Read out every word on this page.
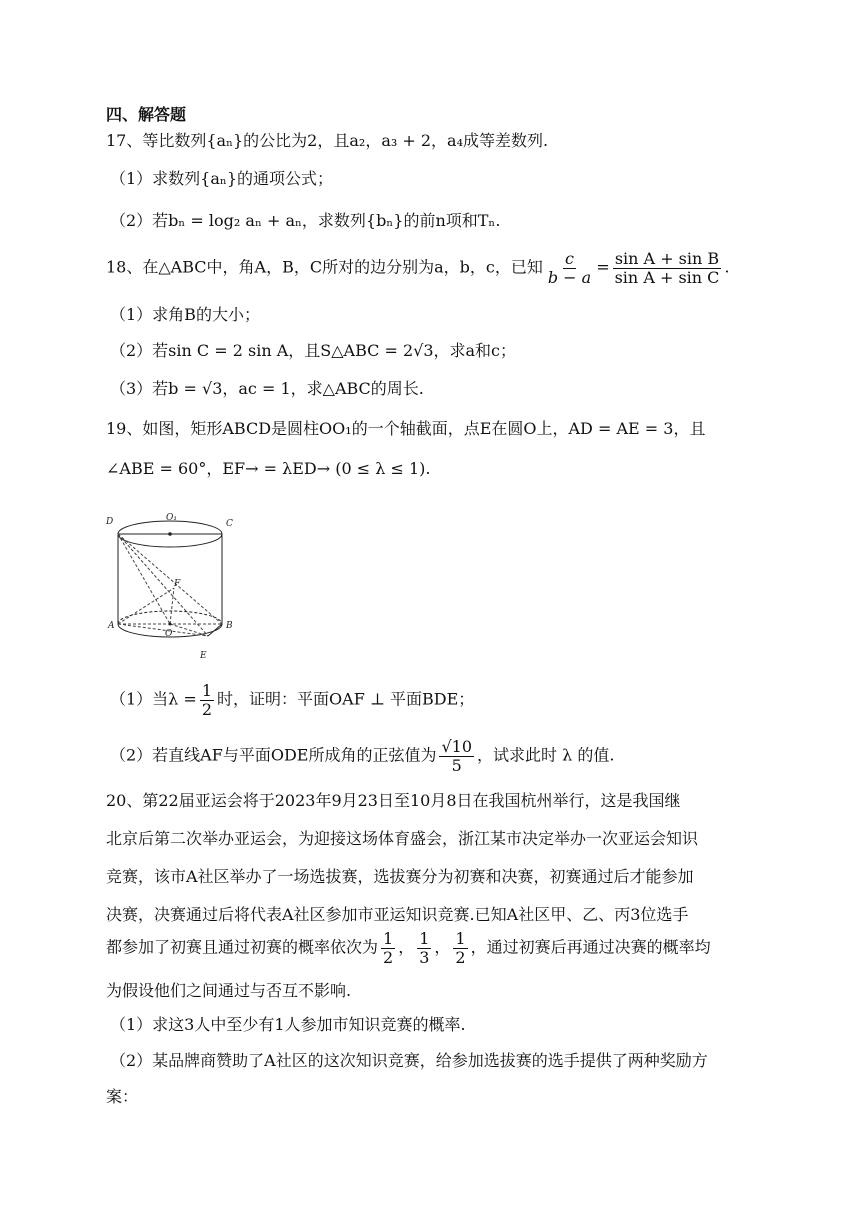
四、解答题
17、等比数列{aₙ}的公比为2，且a₂，a₃ + 2，a₄成等差数列.
（1）求数列{aₙ}的通项公式；
（2）若bₙ = log₂ aₙ + aₙ，求数列{bₙ}的前n项和Tₙ.
18、在△ABC中，角A，B，C所对的边分别为a，b，c，已知 $\frac{c}{b - a} = \frac{\text{sin A + sin B}}{\text{sin A + sin C}}$ .
（1）求角B的大小；
（2）若sin C = 2 sin A，且S△ABC = 2√3，求a和c；
（3）若b = √3，ac = 1，求△ABC的周长.
19、如图，矩形ABCD是圆柱OO₁的一个轴截面，点E在圆O上，AD = AE = 3，且
∠ABE = 60°，EF→ = λED→ (0 ≤ λ ≤ 1).
D	O₁
C
F
A
O
B
E
（1）当$\lambda = \frac{1}{2}$ 时，证明：平面OAF ⊥ 平面BDE；
（2）若直线AF与平面ODE所成角的正弦值为 $\frac{√10}{5}$ ，试求此时 λ 的值.
20、第22届亚运会将于2023年9月23日至10月8日在我国杭州举行，这是我国继
北京后第二次举办亚运会，为迎接这场体育盛会，浙江某市决定举办一次亚运会知识
竞赛，该市A社区举办了一场选拔赛，选拔赛分为初赛和决赛，初赛通过后才能参加
决赛，决赛通过后将代表A社区参加市亚运知识竞赛.已知A社区甲、乙、丙3位选手
都参加了初赛且通过初赛的概率依次为 $\frac{1}{2}$ ， $\frac{1}{3}$ ， $\frac{1}{2}$ ，通过初赛后再通过决赛的概率均
为假设他们之间通过与否互不影响.
（1）求这3人中至少有1人参加市知识竞赛的概率.
（2）某品牌商赞助了A社区的这次知识竞赛，给参加选拔赛的选手提供了两种奖励方
案：
